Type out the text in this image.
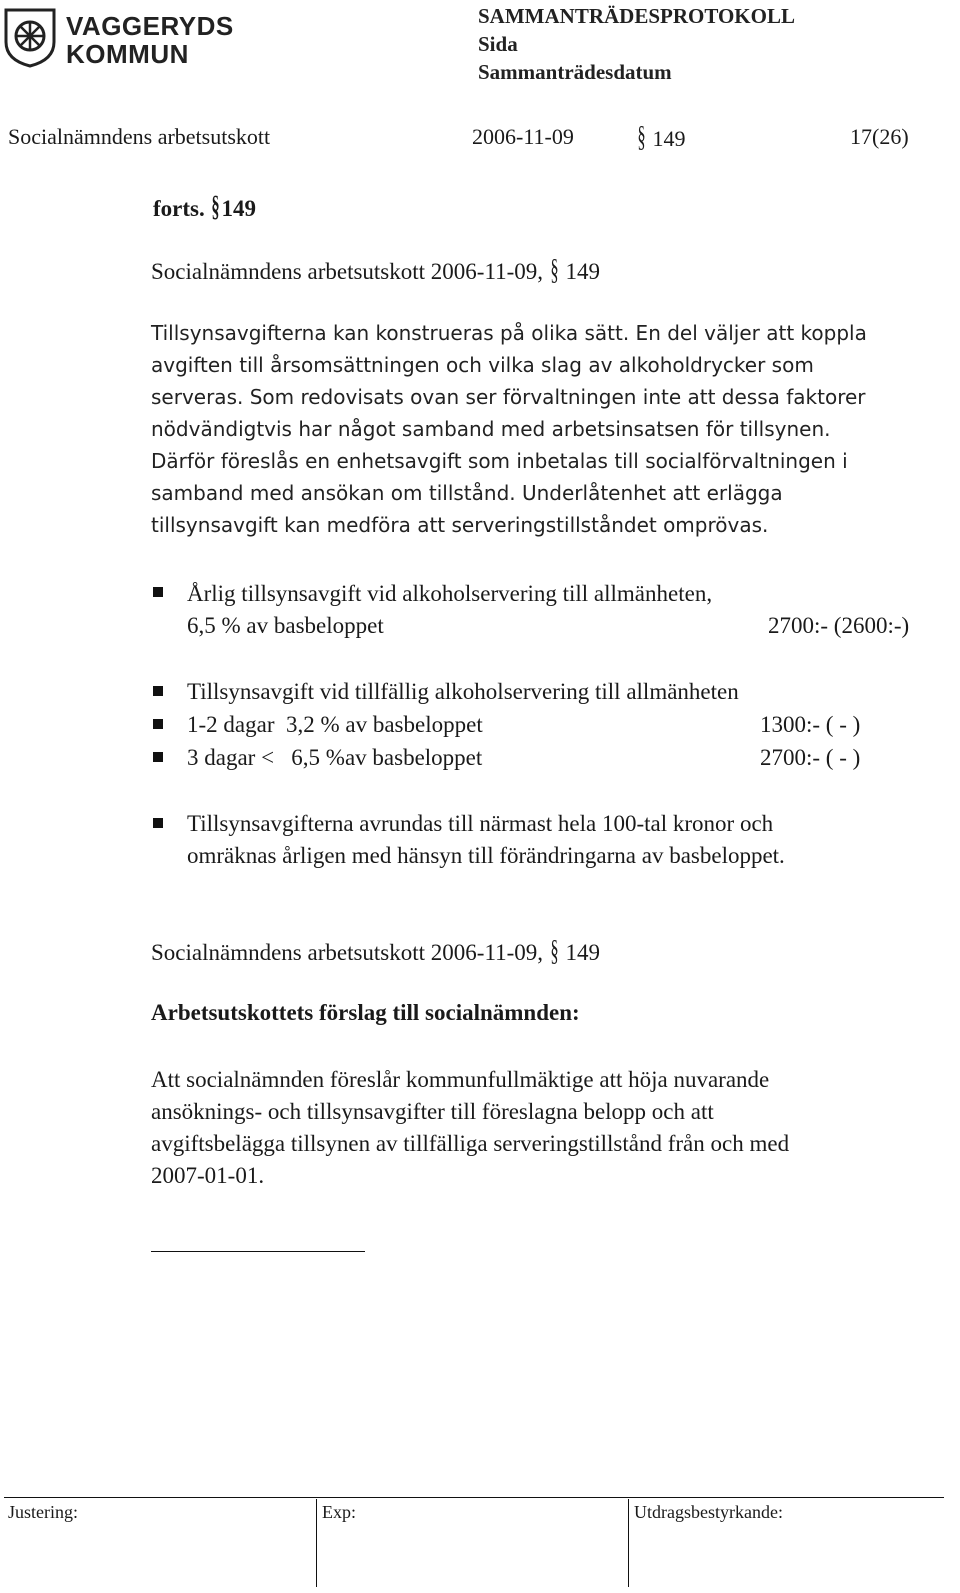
VAGGERYDS
KOMMUN
SAMMANTRÄDESPROTOKOLL
Sida
Sammanträdesdatum
Socialnämndens arbetsutskott	2006-11-09 § 149	17(26)
forts. §149
Socialnämndens arbetsutskott 2006-11-09, § 149
Tillsynsavgifterna kan konstrueras på olika sätt. En del väljer att koppla
avgiften till årsomsättningen och vilka slag av alkoholdrycker som
serveras. Som redovisats ovan ser förvaltningen inte att dessa faktorer
nödvändigtvis har något samband med arbetsinsatsen för tillsynen.
Därför föreslås en enhetsavgift som inbetalas till socialförvaltningen i
samband med ansökan om tillstånd. Underlåtenhet att erlägga
tillsynsavgift kan medföra att serveringstillståndet omprövas.
Årlig tillsynsavgift vid alkoholservering till allmänheten,
6,5 % av basbeloppet	2700:- (2600:-)
Tillsynsavgift vid tillfällig alkoholservering till allmänheten
1-2 dagar  3,2 % av basbeloppet	1300:- ( - )
3 dagar <   6,5 %av basbeloppet	2700:- ( - )
Tillsynsavgifterna avrundas till närmast hela 100-tal kronor och
omräknas årligen med hänsyn till förändringarna av basbeloppet.
Socialnämndens arbetsutskott 2006-11-09, § 149
Arbetsutskottets förslag till socialnämnden:
Att socialnämnden föreslår kommunfullmäktige att höja nuvarande
ansöknings- och tillsynsavgifter till föreslagna belopp och att
avgiftsbelägga tillsynen av tillfälliga serveringstillstånd från och med
2007-01-01.
Justering:	Exp:	Utdragsbestyrkande:
